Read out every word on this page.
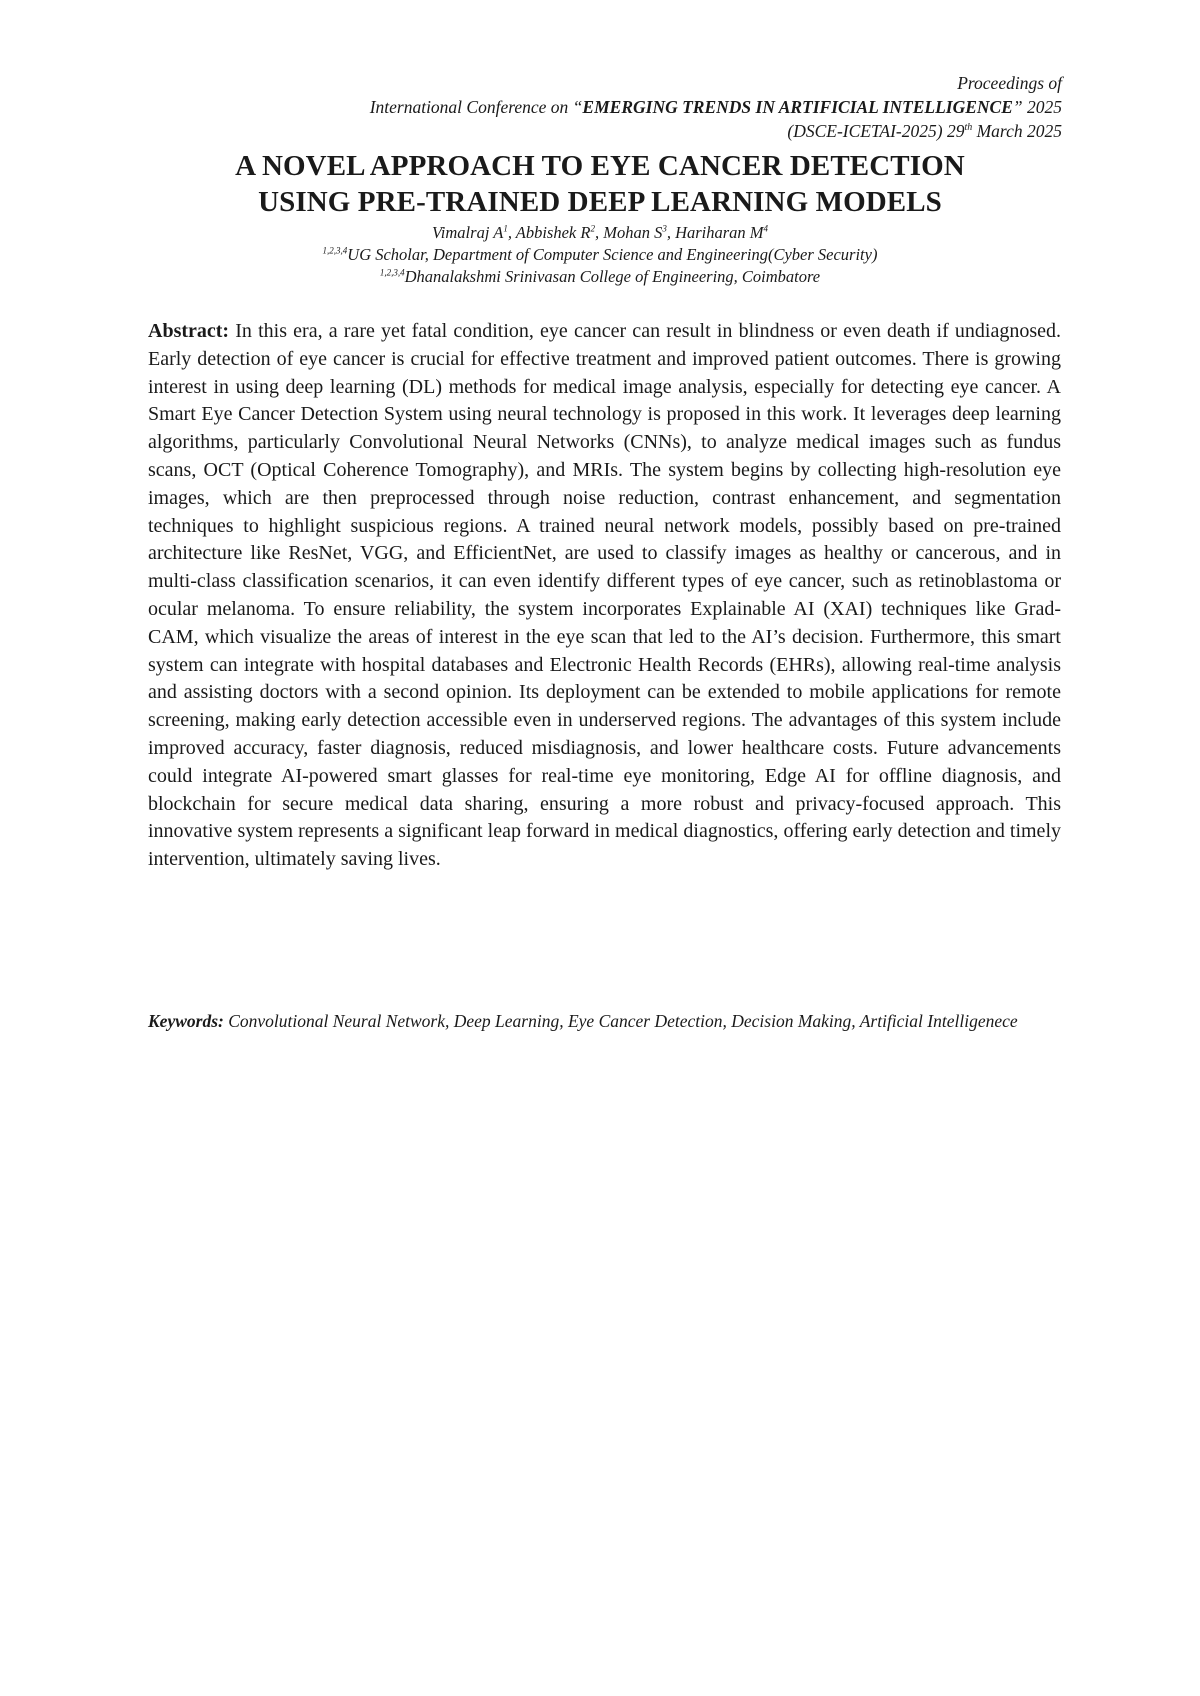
Proceedings of
International Conference on “EMERGING TRENDS IN ARTIFICIAL INTELLIGENCE” 2025
(DSCE-ICETAI-2025) 29th March 2025
A NOVEL APPROACH TO EYE CANCER DETECTION
USING PRE-TRAINED DEEP LEARNING MODELS
Vimalraj $A^1$, Abbishek $R^2$, Mohan $S^3$, Hariharan $M^4$
$^{1,2,3,4}$UG Scholar, Department of Computer Science and Engineering(Cyber Security)
$^{1,2,3,4}$Dhanalakshmi Srinivasan College of Engineering, Coimbatore

Abstract: In this era, a rare yet fatal condition, eye cancer can result in blindness or even death if undiagnosed. Early detection of eye cancer is crucial for effective treatment and improved patient outcomes. There is growing interest in using deep learning (DL) methods for medical image analysis, especially for detecting eye cancer. A Smart Eye Cancer Detection System using neural technology is proposed in this work. It leverages deep learning algorithms, particularly Convolutional Neural Networks (CNNs), to analyze medical images such as fundus scans, OCT (Optical Coherence Tomography), and MRIs. The system begins by collecting high-resolution eye images, which are then preprocessed through noise reduction, contrast enhancement, and segmentation techniques to highlight suspicious regions. A trained neural network models, possibly based on pre-trained architecture like ResNet, VGG, and EfficientNet, are used to classify images as healthy or cancerous, and in multi-class classification scenarios, it can even identify different types of eye cancer, such as retinoblastoma or ocular melanoma. To ensure reliability, the system incorporates Explainable AI (XAI) techniques like Grad-CAM, which visualize the areas of interest in the eye scan that led to the AI’s decision. Furthermore, this smart system can integrate with hospital databases and Electronic Health Records (EHRs), allowing real-time analysis and assisting doctors with a second opinion. Its deployment can be extended to mobile applications for remote screening, making early detection accessible even in underserved regions. The advantages of this system include improved accuracy, faster diagnosis, reduced misdiagnosis, and lower healthcare costs. Future advancements could integrate AI-powered smart glasses for real-time eye monitoring, Edge AI for offline diagnosis, and blockchain for secure medical data sharing, ensuring a more robust and privacy-focused approach. This innovative system represents a significant leap forward in medical diagnostics, offering early detection and timely intervention, ultimately saving lives.

Keywords: Convolutional Neural Network, Deep Learning, Eye Cancer Detection, Decision Making, Artificial Intelligenece
